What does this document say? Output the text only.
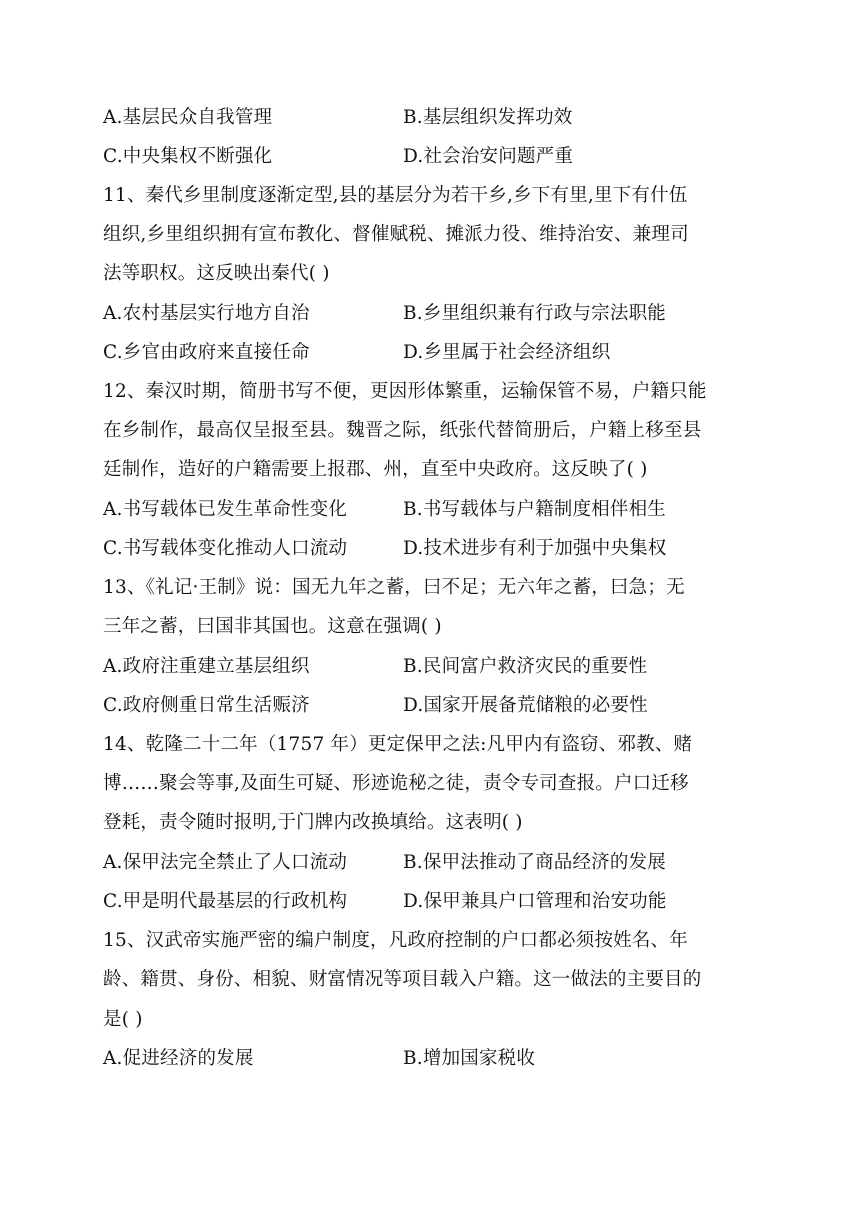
A.基层民众自我管理	B.基层组织发挥功效
C.中央集权不断强化	D.社会治安问题严重
11、秦代乡里制度逐渐定型,县的基层分为若干乡,乡下有里,里下有什伍
组织,乡里组织拥有宣布教化、督催赋税、摊派力役、维持治安、兼理司
法等职权。这反映出秦代( )
A.农村基层实行地方自治	B.乡里组织兼有行政与宗法职能
C.乡官由政府来直接任命	D.乡里属于社会经济组织
12、秦汉时期，简册书写不便，更因形体繁重，运输保管不易，户籍只能
在乡制作，最高仅呈报至县。魏晋之际，纸张代替简册后，户籍上移至县
廷制作，造好的户籍需要上报郡、州，直至中央政府。这反映了( )
A.书写载体已发生革命性变化	B.书写载体与户籍制度相伴相生
C.书写载体变化推动人口流动	D.技术进步有利于加强中央集权
13、《礼记·王制》说：国无九年之蓄，曰不足；无六年之蓄，曰急；无
三年之蓄，曰国非其国也。这意在强调( )
A.政府注重建立基层组织	B.民间富户救济灾民的重要性
C.政府侧重日常生活赈济	D.国家开展备荒储粮的必要性
14、乾隆二十二年（1757 年）更定保甲之法:凡甲内有盗窃、邪教、赌
博……聚会等事,及面生可疑、形迹诡秘之徒，责令专司查报。户口迁移
登耗，责令随时报明,于门牌内改换填给。这表明( )
A.保甲法完全禁止了人口流动	B.保甲法推动了商品经济的发展
C.甲是明代最基层的行政机构	D.保甲兼具户口管理和治安功能
15、汉武帝实施严密的编户制度，凡政府控制的户口都必须按姓名、年
龄、籍贯、身份、相貌、财富情况等项目载入户籍。这一做法的主要目的
是( )
A.促进经济的发展	B.增加国家税收
